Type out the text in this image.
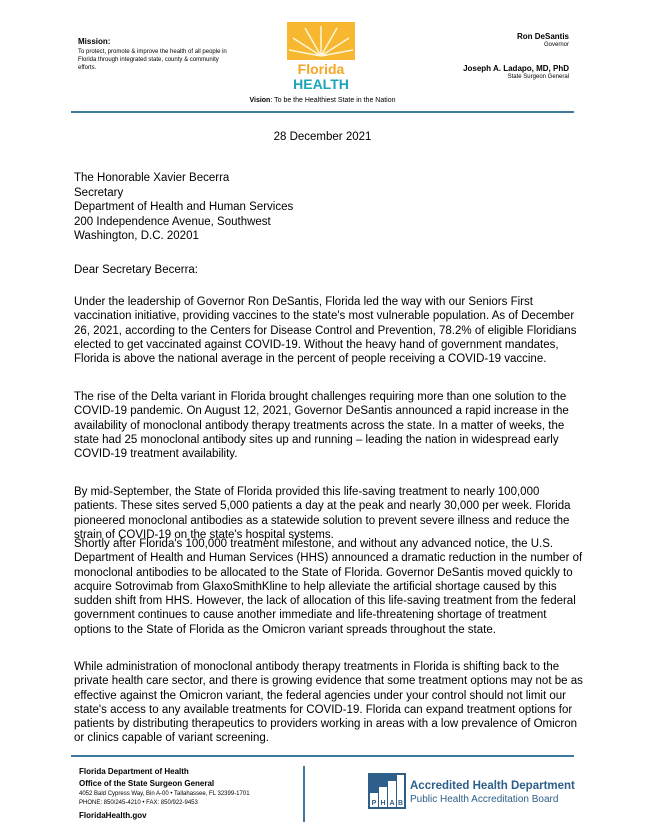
Mission:
To protect, promote & improve the health of all people in Florida through integrated state, county & community efforts.	Florida
HEALTH
Ron DeSantis
Governor
Joseph A. Ladapo, MD, PhD
State Surgeon General
Vision: To be the Healthiest State in the Nation
28 December 2021
The Honorable Xavier Becerra
Secretary
Department of Health and Human Services
200 Independence Avenue, Southwest
Washington, D.C. 20201
Dear Secretary Becerra:

Under the leadership of Governor Ron DeSantis, Florida led the way with our Seniors First vaccination initiative, providing vaccines to the state's most vulnerable population. As of December 26, 2021, according to the Centers for Disease Control and Prevention, 78.2% of eligible Floridians elected to get vaccinated against COVID-19. Without the heavy hand of government mandates, Florida is above the national average in the percent of people receiving a COVID-19 vaccine.

The rise of the Delta variant in Florida brought challenges requiring more than one solution to the COVID-19 pandemic. On August 12, 2021, Governor DeSantis announced a rapid increase in the availability of monoclonal antibody therapy treatments across the state. In a matter of weeks, the state had 25 monoclonal antibody sites up and running – leading the nation in widespread early COVID-19 treatment availability.

By mid-September, the State of Florida provided this life-saving treatment to nearly 100,000 patients. These sites served 5,000 patients a day at the peak and nearly 30,000 per week. Florida pioneered monoclonal antibodies as a statewide solution to prevent severe illness and reduce the strain of COVID-19 on the state's hospital systems.

Shortly after Florida's 100,000 treatment milestone, and without any advanced notice, the U.S. Department of Health and Human Services (HHS) announced a dramatic reduction in the number of monoclonal antibodies to be allocated to the State of Florida. Governor DeSantis moved quickly to acquire Sotrovimab from GlaxoSmithKline to help alleviate the artificial shortage caused by this sudden shift from HHS. However, the lack of allocation of this life-saving treatment from the federal government continues to cause another immediate and life-threatening shortage of treatment options to the State of Florida as the Omicron variant spreads throughout the state.

While administration of monoclonal antibody therapy treatments in Florida is shifting back to the private health care sector, and there is growing evidence that some treatment options may not be as effective against the Omicron variant, the federal agencies under your control should not limit our state's access to any available treatments for COVID-19. Florida can expand treatment options for patients by distributing therapeutics to providers working in areas with a low prevalence of Omicron or clinics capable of variant screening.

Florida Department of Health
Office of the State Surgeon General
4052 Bald Cypress Way, Bin A-00 • Tallahassee, FL 32399-1701
PHONE: 850/245-4210 • FAX: 850/922-9453
FloridaHealth.gov
P H A B
Accredited Health Department
Public Health Accreditation Board
